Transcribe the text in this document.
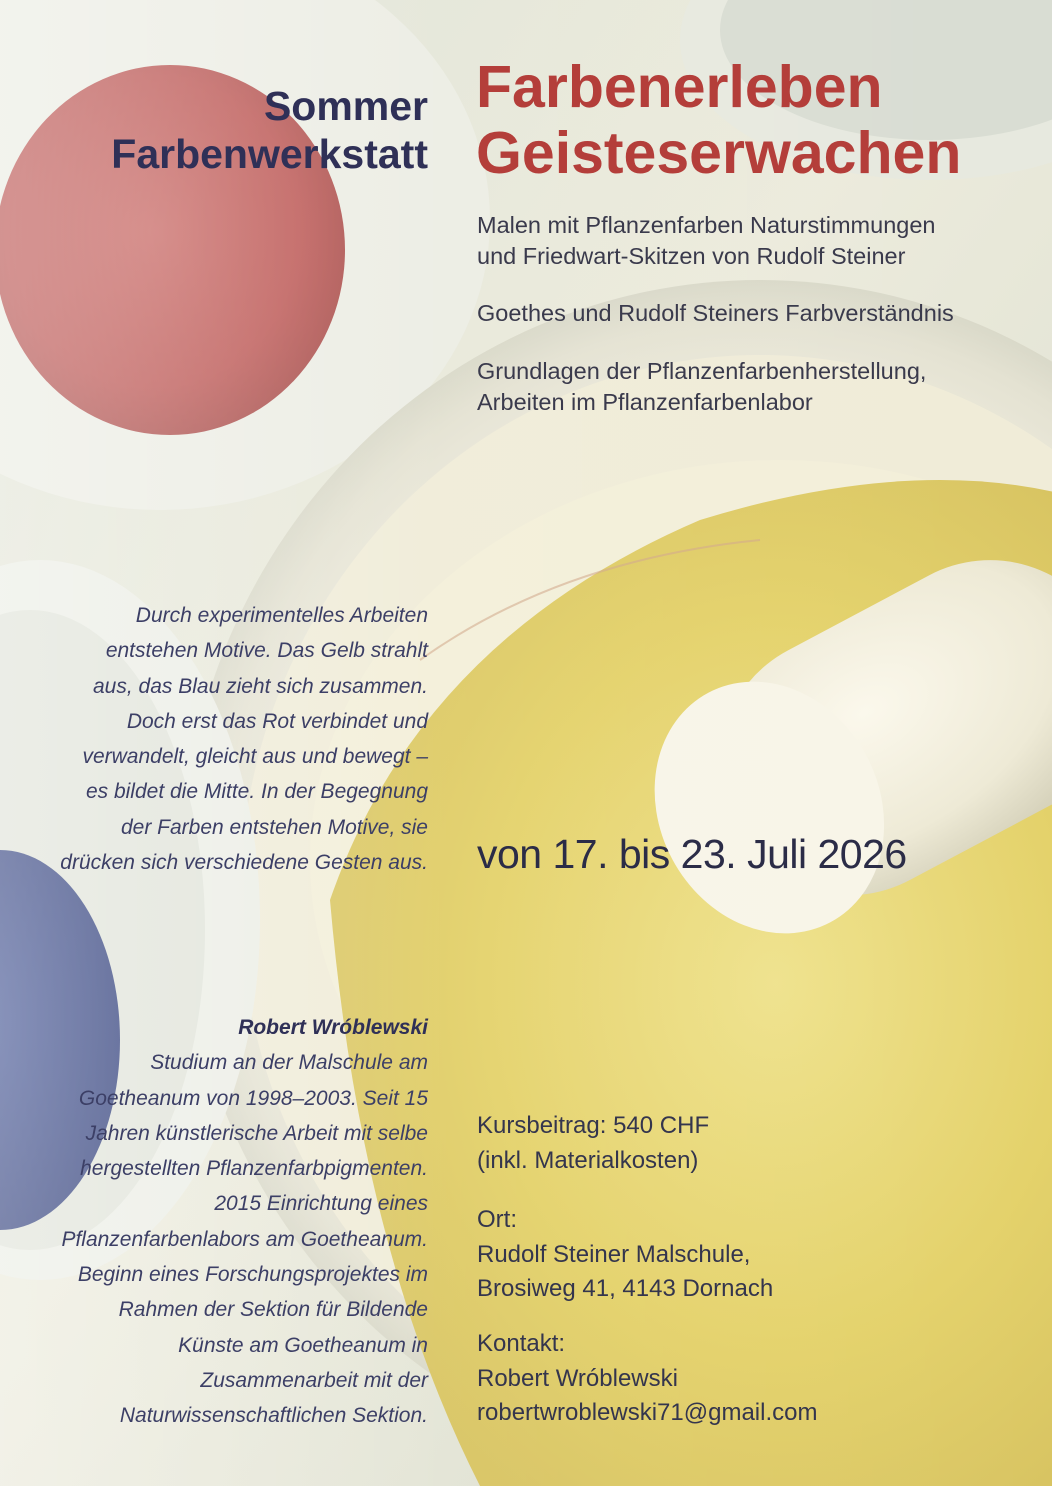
Sommer
Farbenwerkstatt
Farbenerleben
Geisteserwachen

Malen mit Pflanzenfarben Naturstimmungen
und Friedwart-Skitzen von Rudolf Steiner

Goethes und Rudolf Steiners Farbverständnis

Grundlagen der Pflanzenfarbenherstellung,
Arbeiten im Pflanzenfarbenlabor

Durch experimentelles Arbeiten
entstehen Motive. Das Gelb strahlt
aus, das Blau zieht sich zusammen.
Doch erst das Rot verbindet und
verwandelt, gleicht aus und bewegt –
es bildet die Mitte. In der Begegnung
der Farben entstehen Motive, sie
drücken sich verschiedene Gesten aus. von 17. bis 23. Juli 2026

Robert Wróblewski
Studium an der Malschule am
Goetheanum von 1998–2003. Seit 15
Jahren künstlerische Arbeit mit selbe
hergestellten Pflanzenfarbpigmenten.
2015 Einrichtung eines
Pflanzenfarbenlabors am Goetheanum.
Beginn eines Forschungsprojektes im
Rahmen der Sektion für Bildende
Künste am Goetheanum in
Zusammenarbeit mit der
Naturwissenschaftlichen Sektion.

Kursbeitrag: 540 CHF
(inkl. Materialkosten)

Ort:
Rudolf Steiner Malschule,
Brosiweg 41, 4143 Dornach

Kontakt:
Robert Wróblewski
robertwroblewski71@gmail.com
